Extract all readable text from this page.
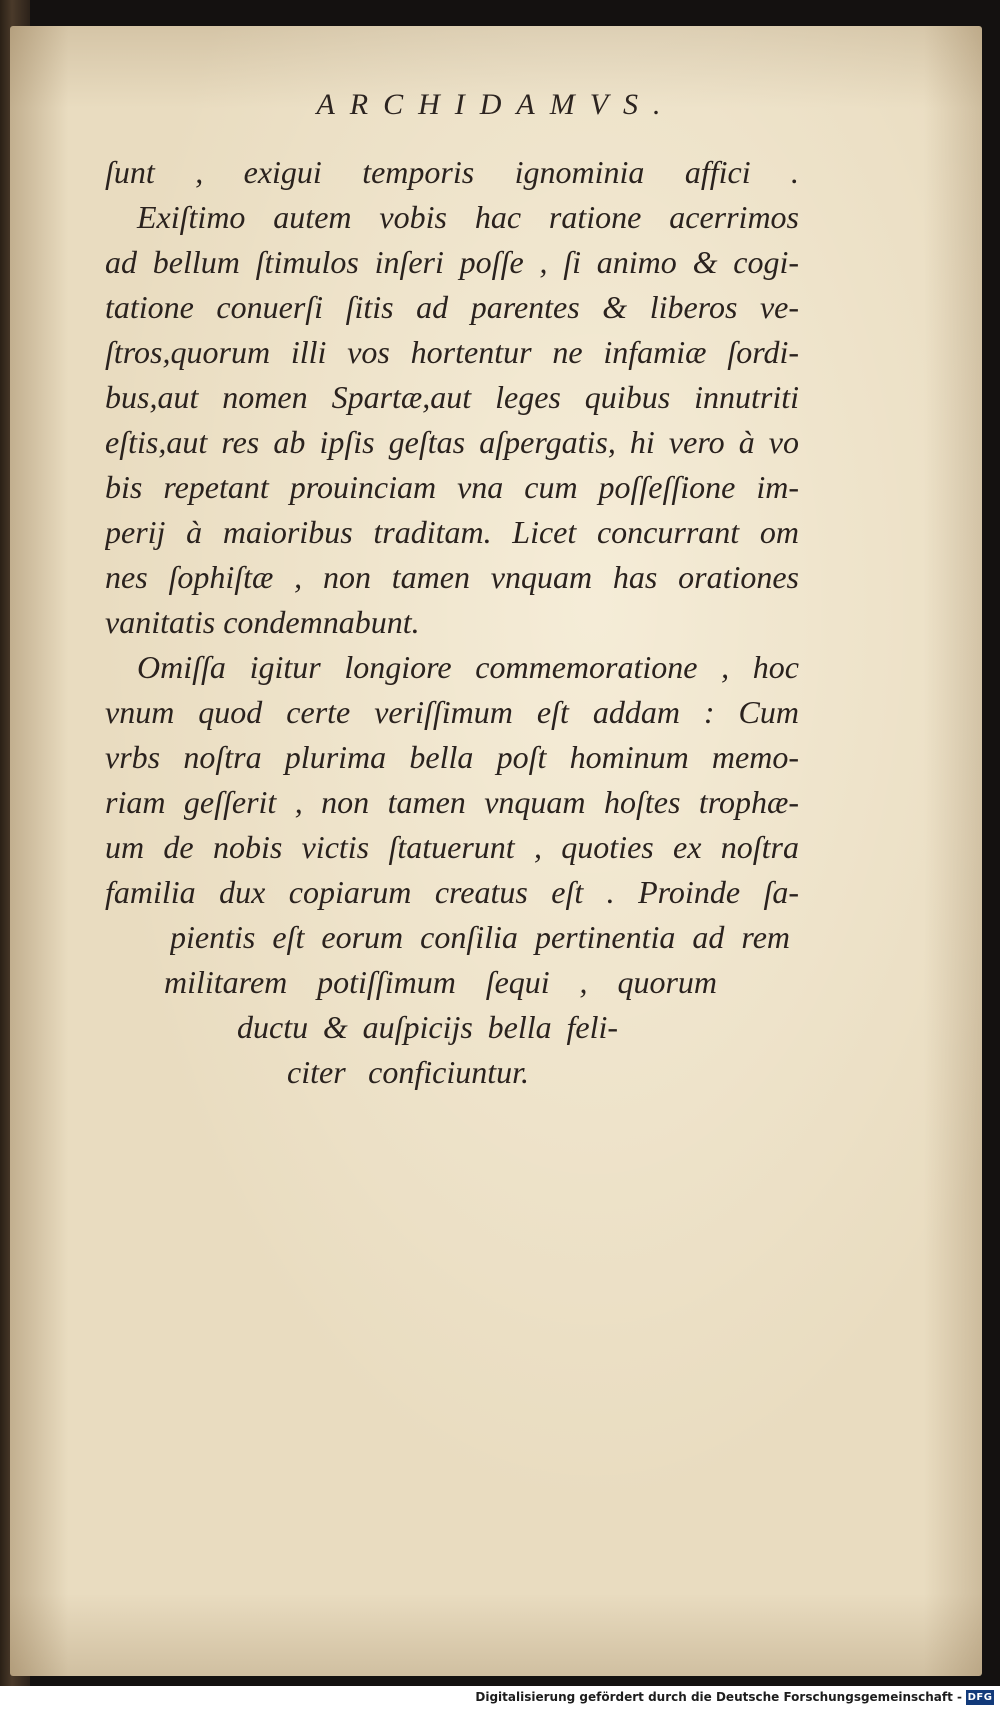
ARCHIDAMVS.
ſunt , exigui temporis ignominia affici .
Exiſtimo autem vobis hac ratione acerrimos
ad bellum ſtimulos inſeri poſſe , ſi animo & cogi-
tatione conuerſi ſitis ad parentes & liberos ve-
ſtros,quorum illi vos hortentur ne infamiæ ſordi-
bus,aut nomen Spartæ,aut leges quibus innutriti
eſtis,aut res ab ipſis geſtas aſpergatis, hi vero à vo
bis repetant prouinciam vna cum poſſeſſione im-
perij à maioribus traditam. Licet concurrant om
nes ſophiſtæ , non tamen vnquam has orationes
vanitatis condemnabunt.
Omiſſa igitur longiore commemoratione , hoc
vnum quod certe veriſſimum eſt addam : Cum
vrbs noſtra plurima bella poſt hominum memo-
riam geſſerit , non tamen vnquam hoſtes trophæ-
um de nobis victis ſtatuerunt , quoties ex noſtra
familia dux copiarum creatus eſt . Proinde ſa-
pientis eſt eorum conſilia pertinentia ad rem
militarem potiſſimum ſequi , quorum
ductu & auſpicijs bella feli-
citer conficiuntur.
Digitalisierung gefördert durch die Deutsche Forschungsgemeinschaft - DFG
